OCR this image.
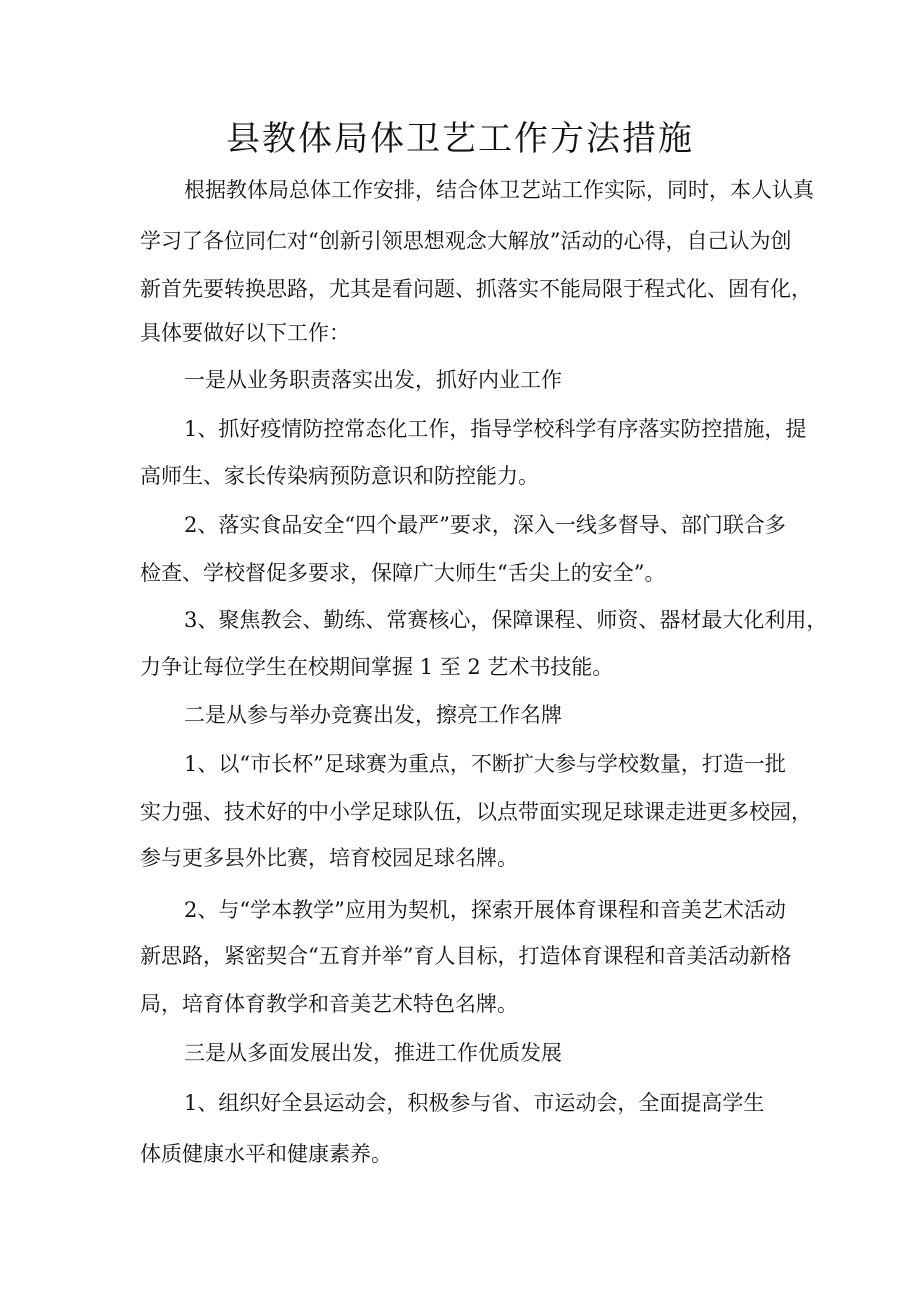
县教体局体卫艺工作方法措施
根据教体局总体工作安排，结合体卫艺站工作实际，同时，本人认真
学习了各位同仁对“创新引领思想观念大解放”活动的心得，自己认为创
新首先要转换思路，尤其是看问题、抓落实不能局限于程式化、固有化，
具体要做好以下工作：
一是从业务职责落实出发，抓好内业工作
1、抓好疫情防控常态化工作，指导学校科学有序落实防控措施，提
高师生、家长传染病预防意识和防控能力。
2、落实食品安全“四个最严”要求，深入一线多督导、部门联合多
检查、学校督促多要求，保障广大师生“舌尖上的安全”。
3、聚焦教会、勤练、常赛核心，保障课程、师资、器材最大化利用，
力争让每位学生在校期间掌握 1 至 2 艺术书技能。
二是从参与举办竞赛出发，擦亮工作名牌
1、以“市长杯”足球赛为重点，不断扩大参与学校数量，打造一批
实力强、技术好的中小学足球队伍，以点带面实现足球课走进更多校园，
参与更多县外比赛，培育校园足球名牌。
2、与“学本教学”应用为契机，探索开展体育课程和音美艺术活动
新思路，紧密契合“五育并举”育人目标，打造体育课程和音美活动新格
局，培育体育教学和音美艺术特色名牌。
三是从多面发展出发，推进工作优质发展
1、组织好全县运动会，积极参与省、市运动会，全面提高学生
体质健康水平和健康素养。
